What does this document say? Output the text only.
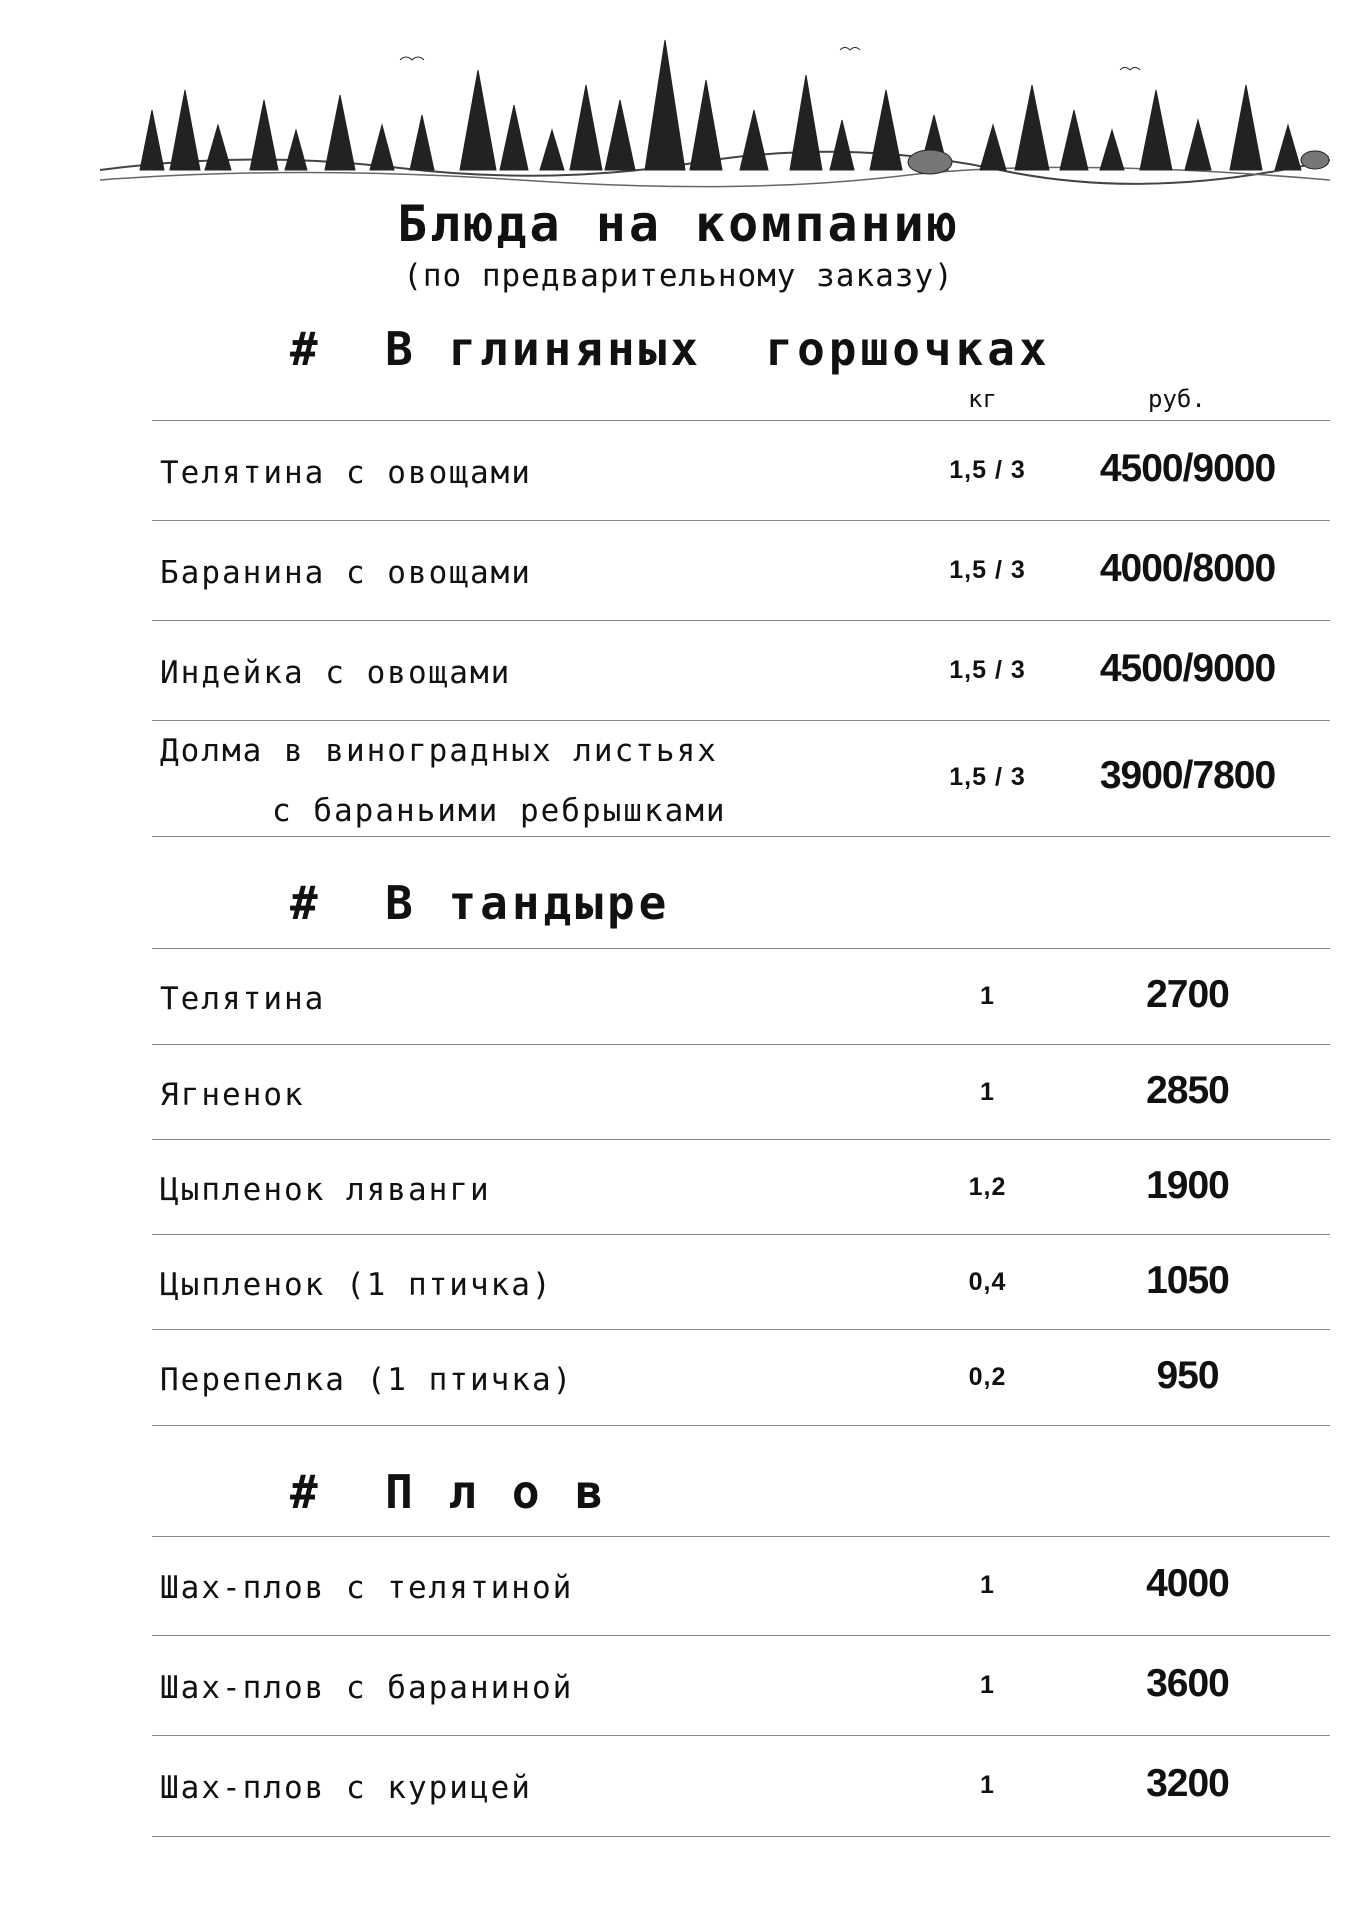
Блюда на компанию
(по предварительному заказу)
#  В глиняных  горшочках
кг	руб.
Телятина с овощами	1,5 / 3	4500/9000
Баранина с овощами	1,5 / 3	4000/8000
Индейка с овощами	1,5 / 3	4500/9000
Долма в виноградных листьях
с бараньими ребрышками
1,5 / 3	3900/7800
#  В тандыре
Телятина	1	2700
Ягненок	1	2850
Цыпленок ляванги	1,2	1900
Цыпленок (1 птичка)	0,4	1050
Перепелка (1 птичка)	0,2	950
#  П л о в
Шах-плов с телятиной	1	4000
Шах-плов с бараниной	1	3600
Шах-плов с курицей	1	3200
